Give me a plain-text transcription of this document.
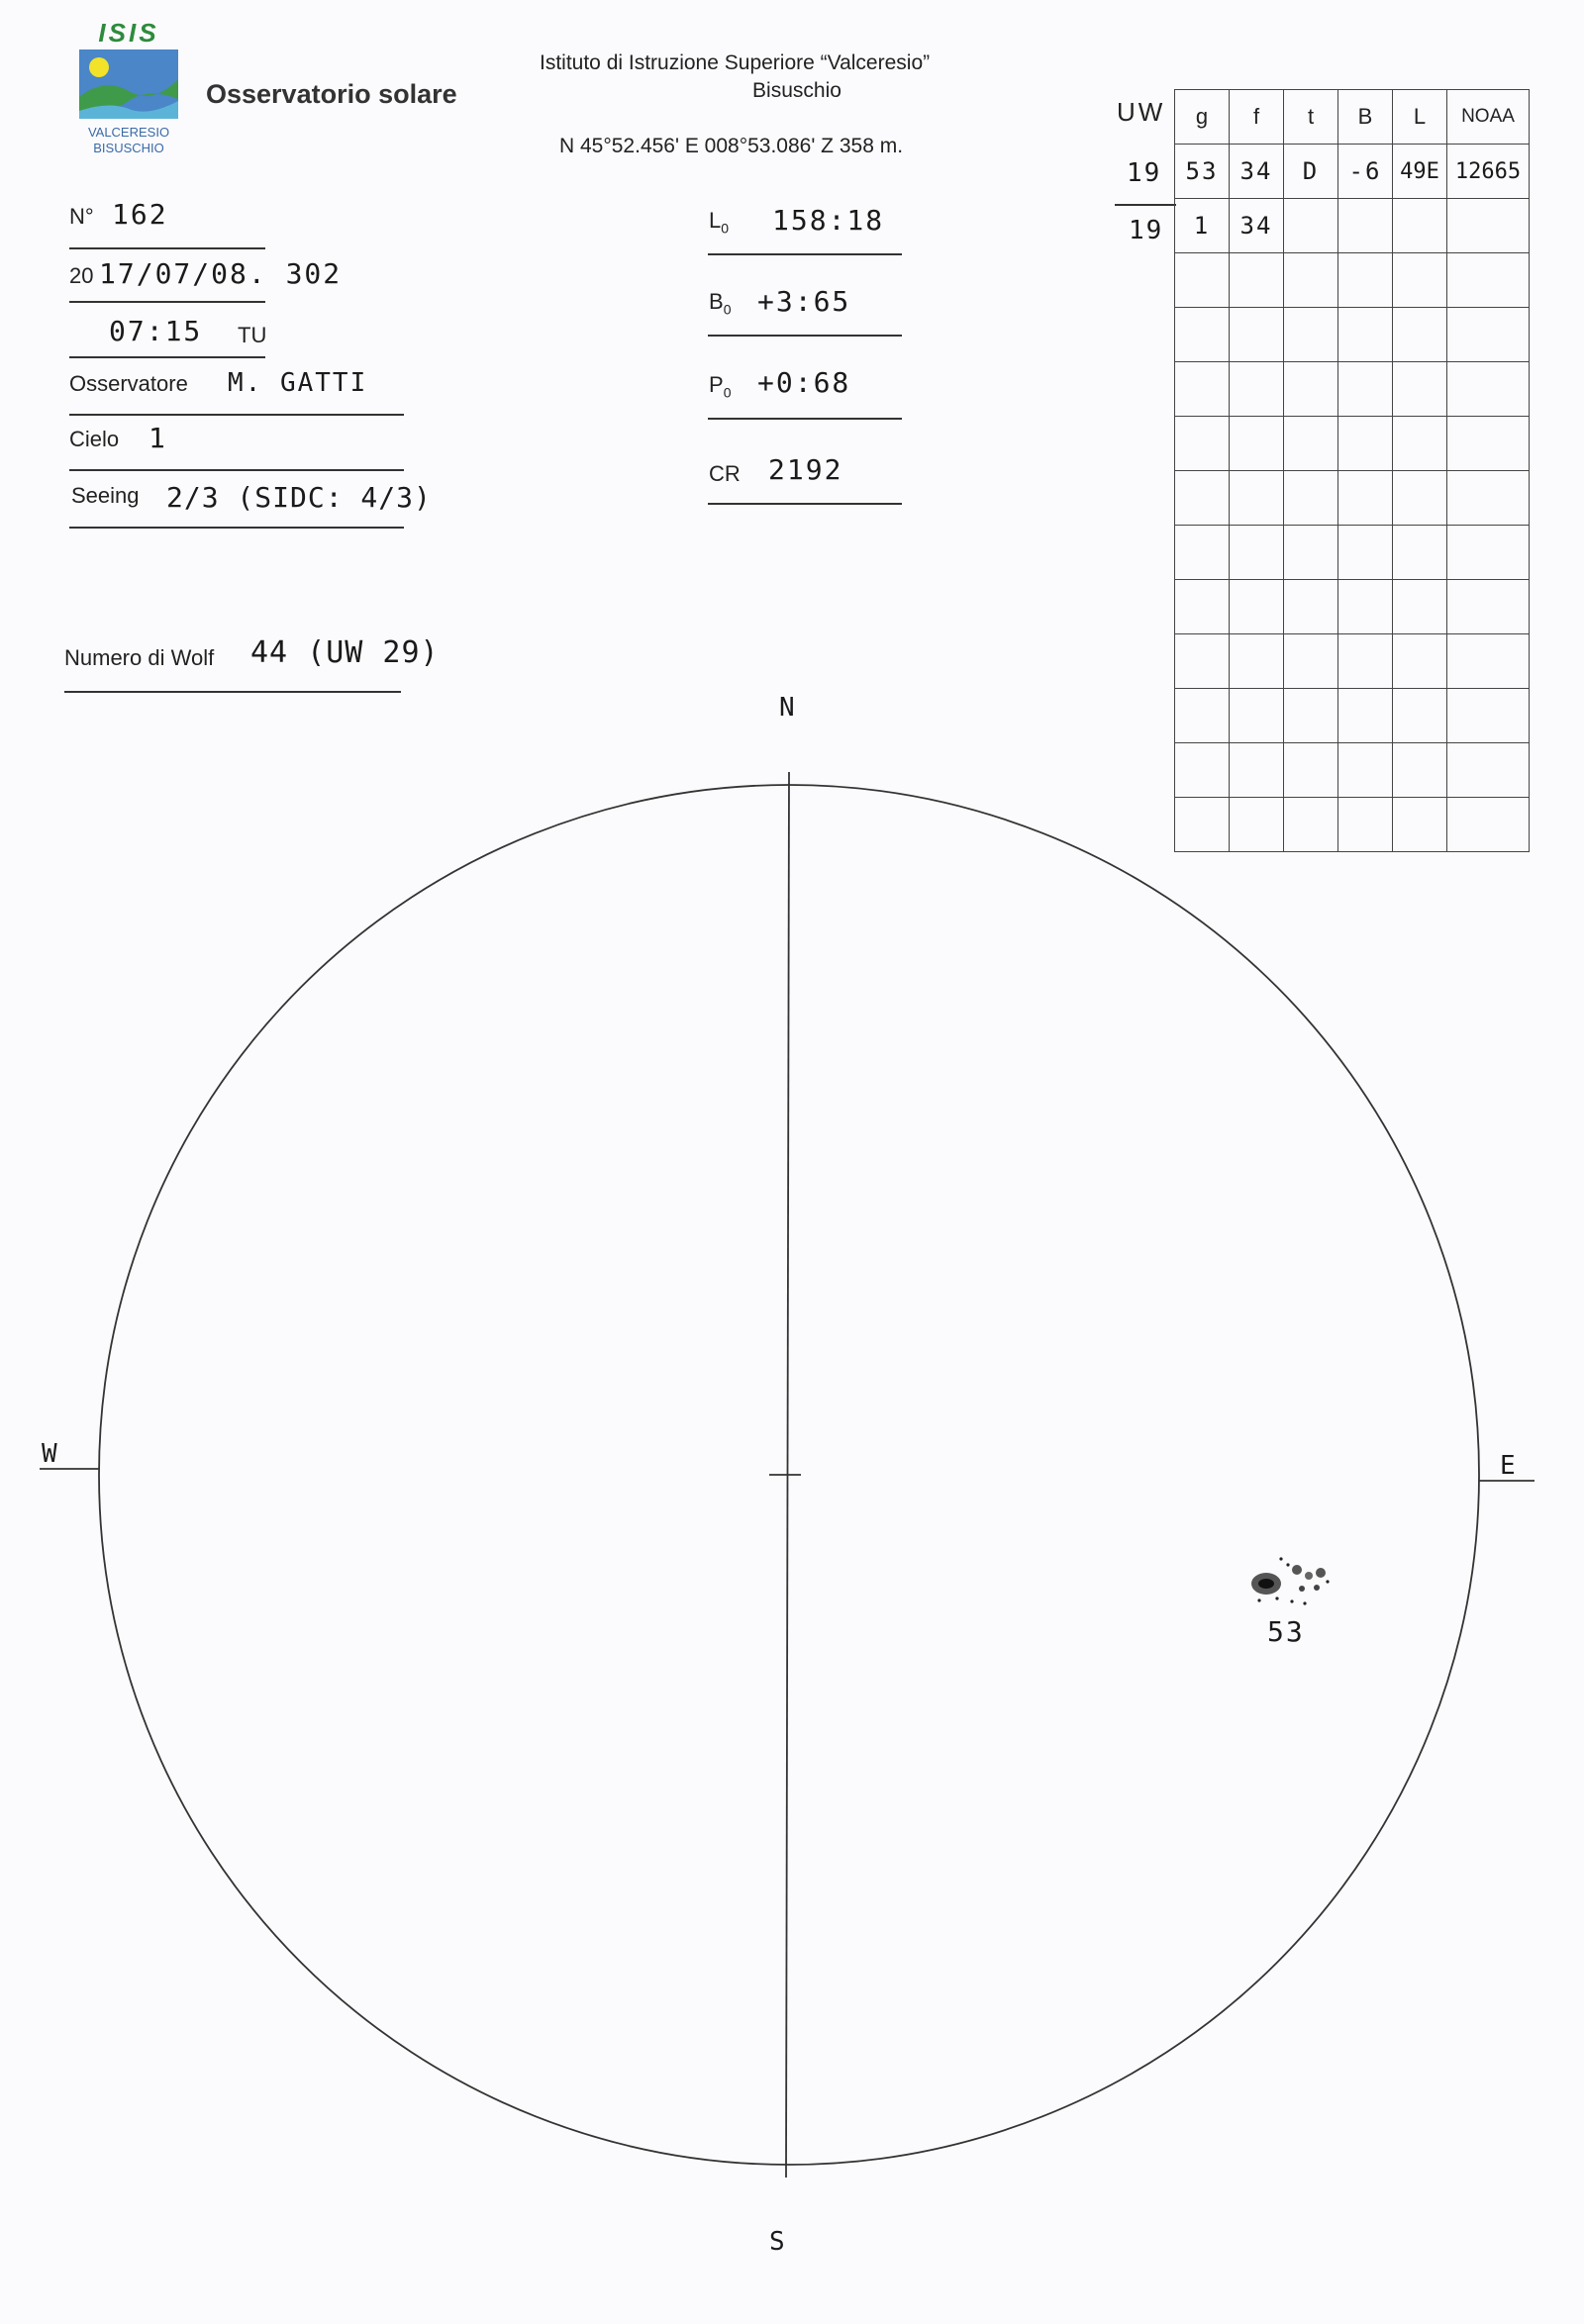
ISIS
VALCERESIO
BISUSCHIO
Osservatorio solare
Istituto di Istruzione Superiore “Valceresio”
Bisuschio
N 45°52.456' E 008°53.086' Z 358 m.
N° 162
20 17/07/08. 302
07:15 TU
Osservatore M. GATTI
Cielo 1
Seeing 2/3 (SIDC: 4/3)
Numero di Wolf 44 (UW 29)
$L_0$ 158:18
$B_0$ +3:65
$P_0$ +0:68
CR 2192
UW
19
19
g	f	t	B	L	NOAA
53	34	D	-6	49E	12665
1	34				

N
S
W	E
53
